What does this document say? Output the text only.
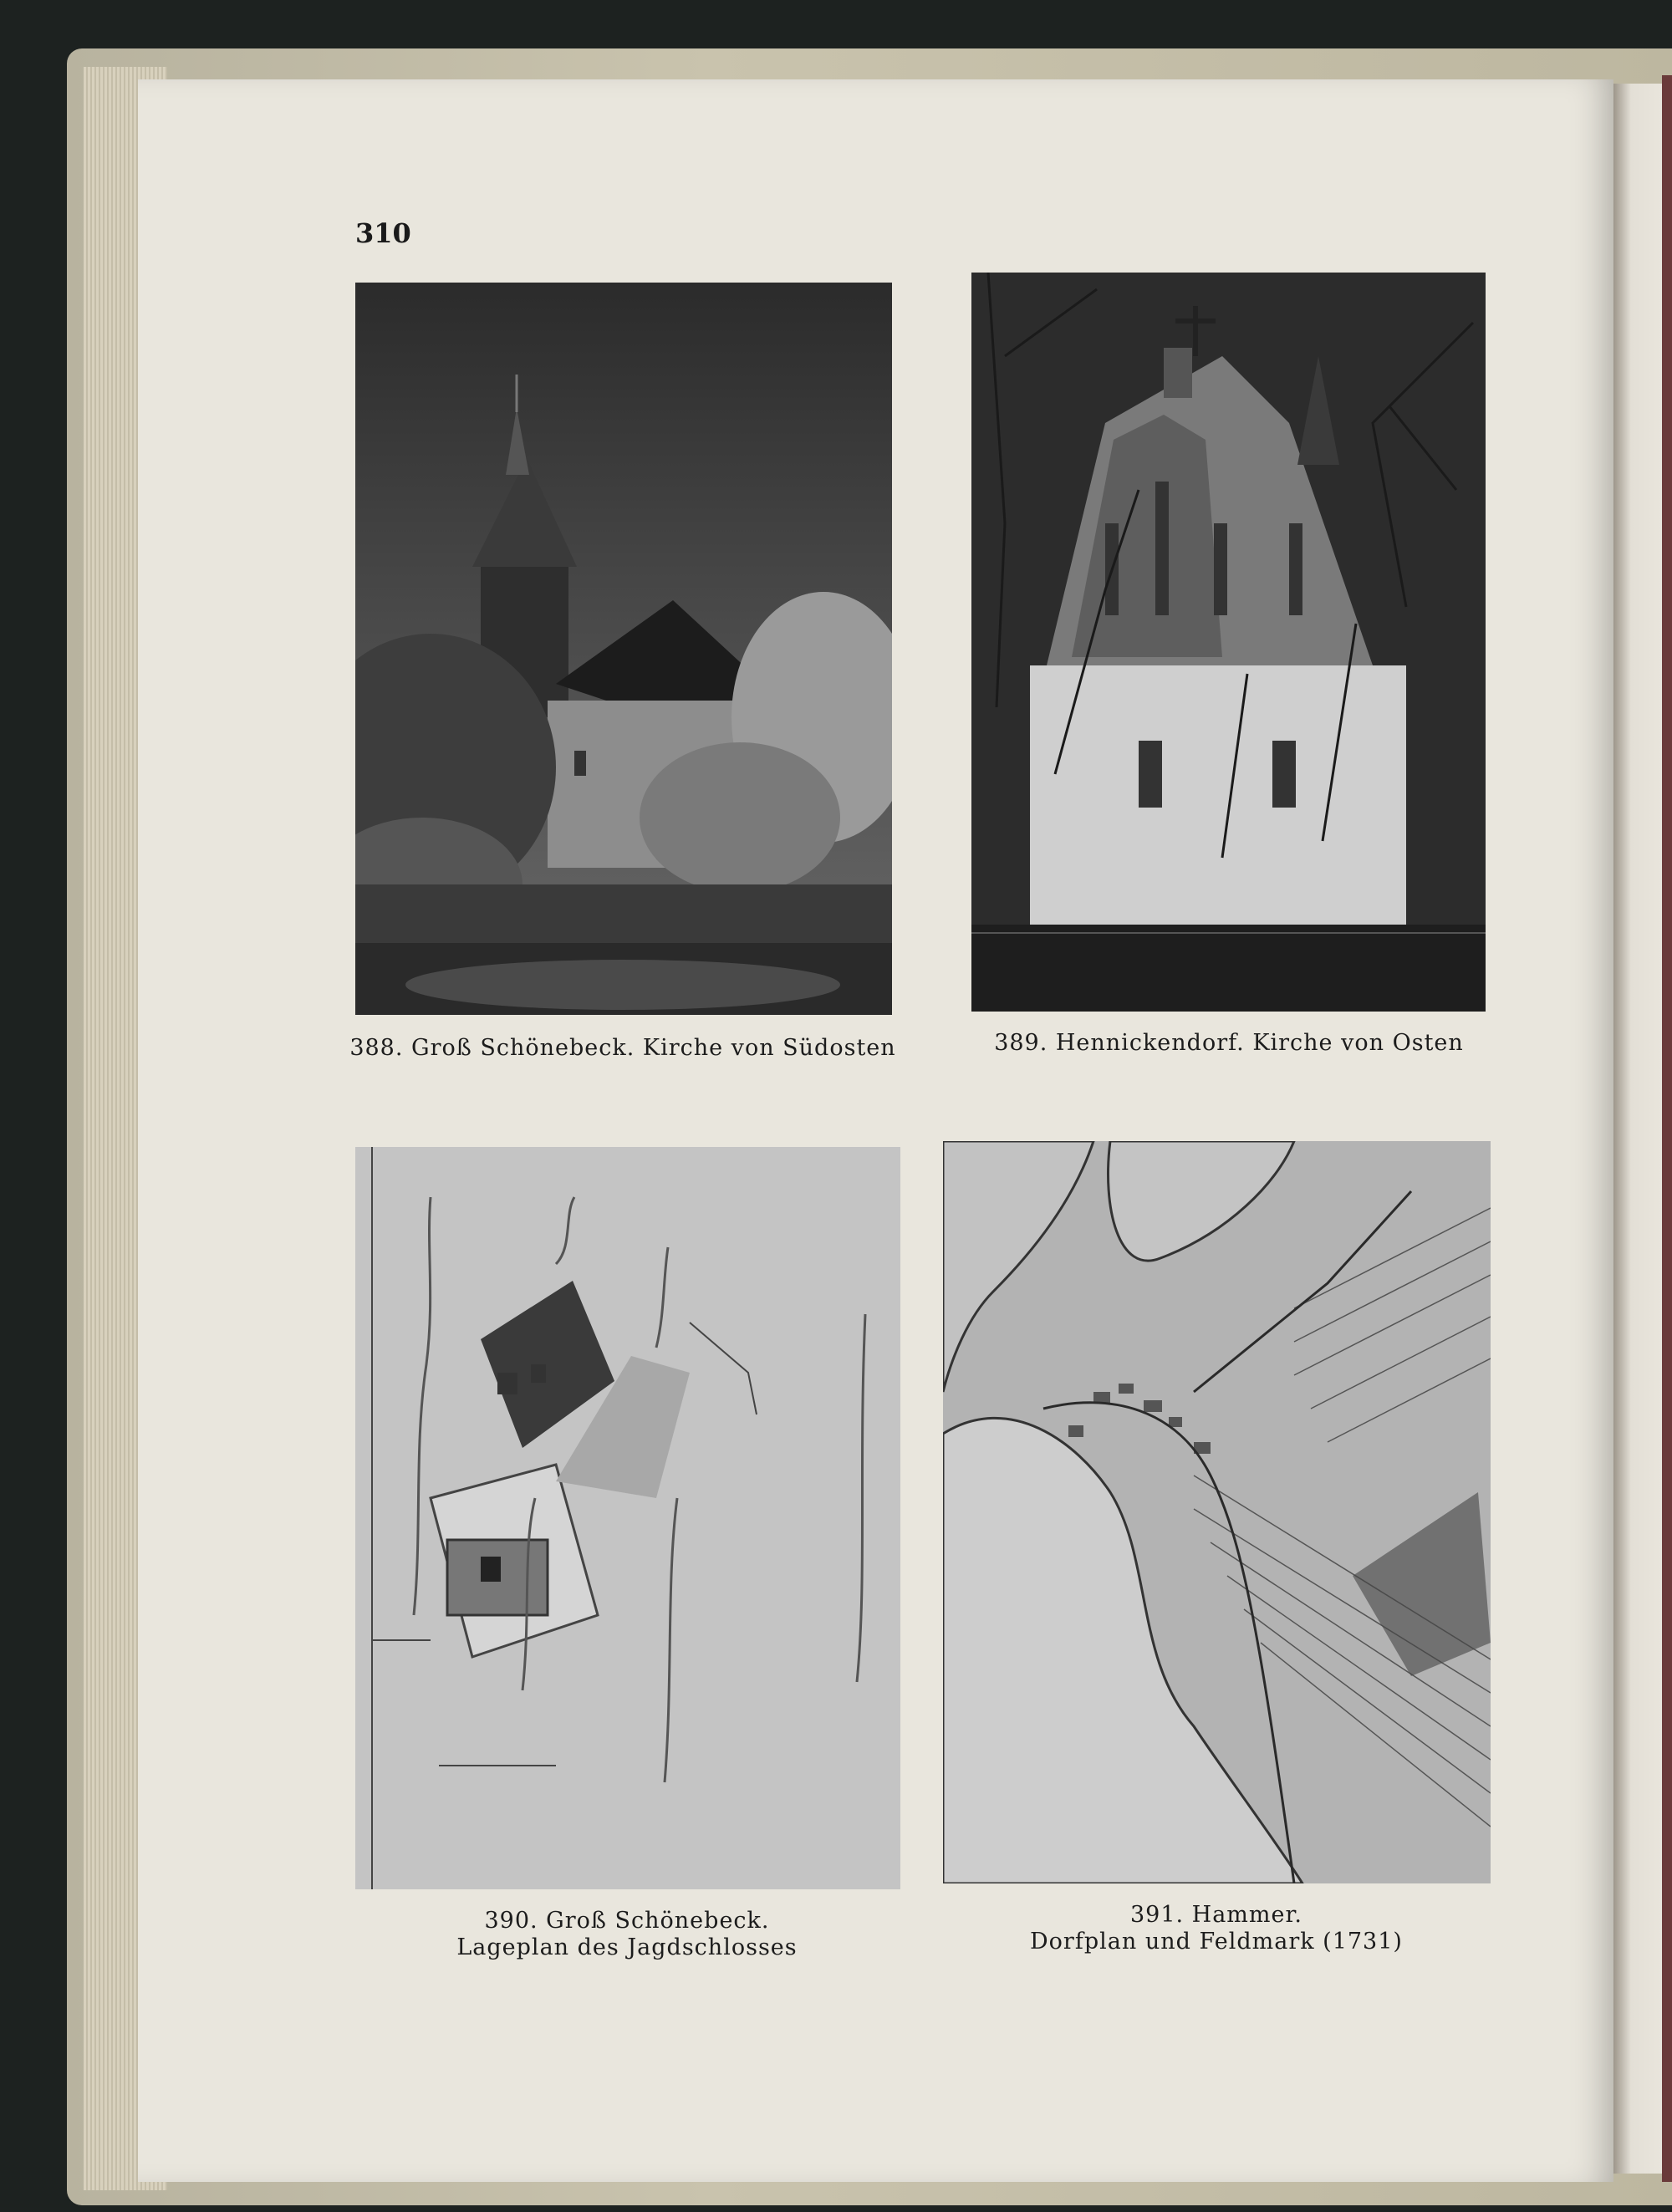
310
388. Groß Schönebeck. Kirche von Südosten	389. Hennickendorf. Kirche von Osten
390. Groß Schönebeck.
Lageplan des Jagdschlosses
391. Hammer.
Dorfplan und Feldmark (1731)
